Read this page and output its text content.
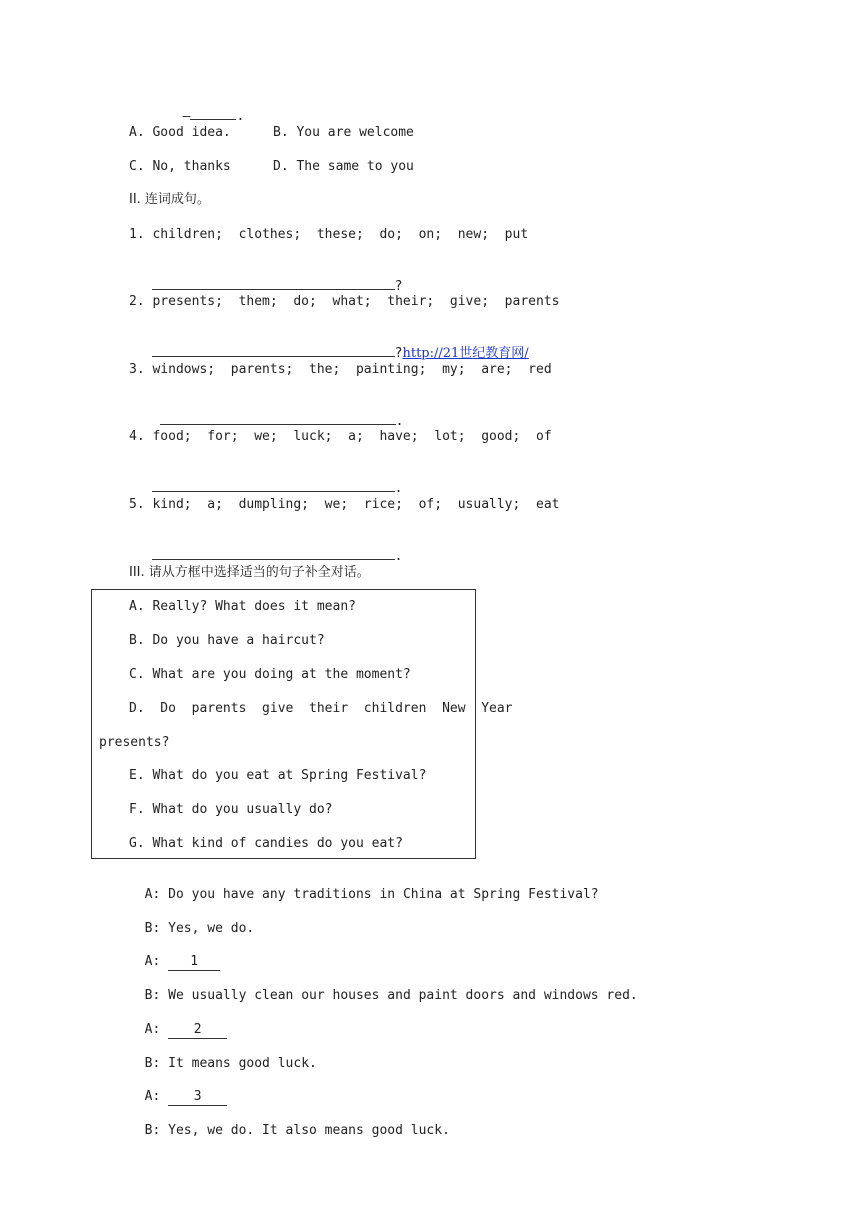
—	.

A. Good idea.	B. You are welcome
C. No, thanks	D. The same to you
II. 连词成句。
1. children;  clothes;  these;  do;  on;  new;  put

?

2. presents;  them;  do;  what;  their;  give;  parents

?http://21世纪教育网/

3. windows;  parents;  the;  painting;  my;  are;  red

.

4. food;  for;  we;  luck;  a;  have;  lot;  good;  of

.

5. kind;  a;  dumpling;  we;  rice;  of;  usually;  eat

.

III. 请从方框中选择适当的句子补全对话。
A. Really? What does it mean?
B. Do you have a haircut?
C. What are you doing at the moment?
D.  Do  parents  give  their  children  New  Year
presents?
E. What do you eat at Spring Festival?
F. What do you usually do?
G. What kind of candies do you eat?

A: Do you have any traditions in China at Spring Festival?

B: Yes, we do.

A: 1

B: We usually clean our houses and paint doors and windows red.

A:	2

B: It means good luck.

A:	3

B: Yes, we do. It also means good luck.
